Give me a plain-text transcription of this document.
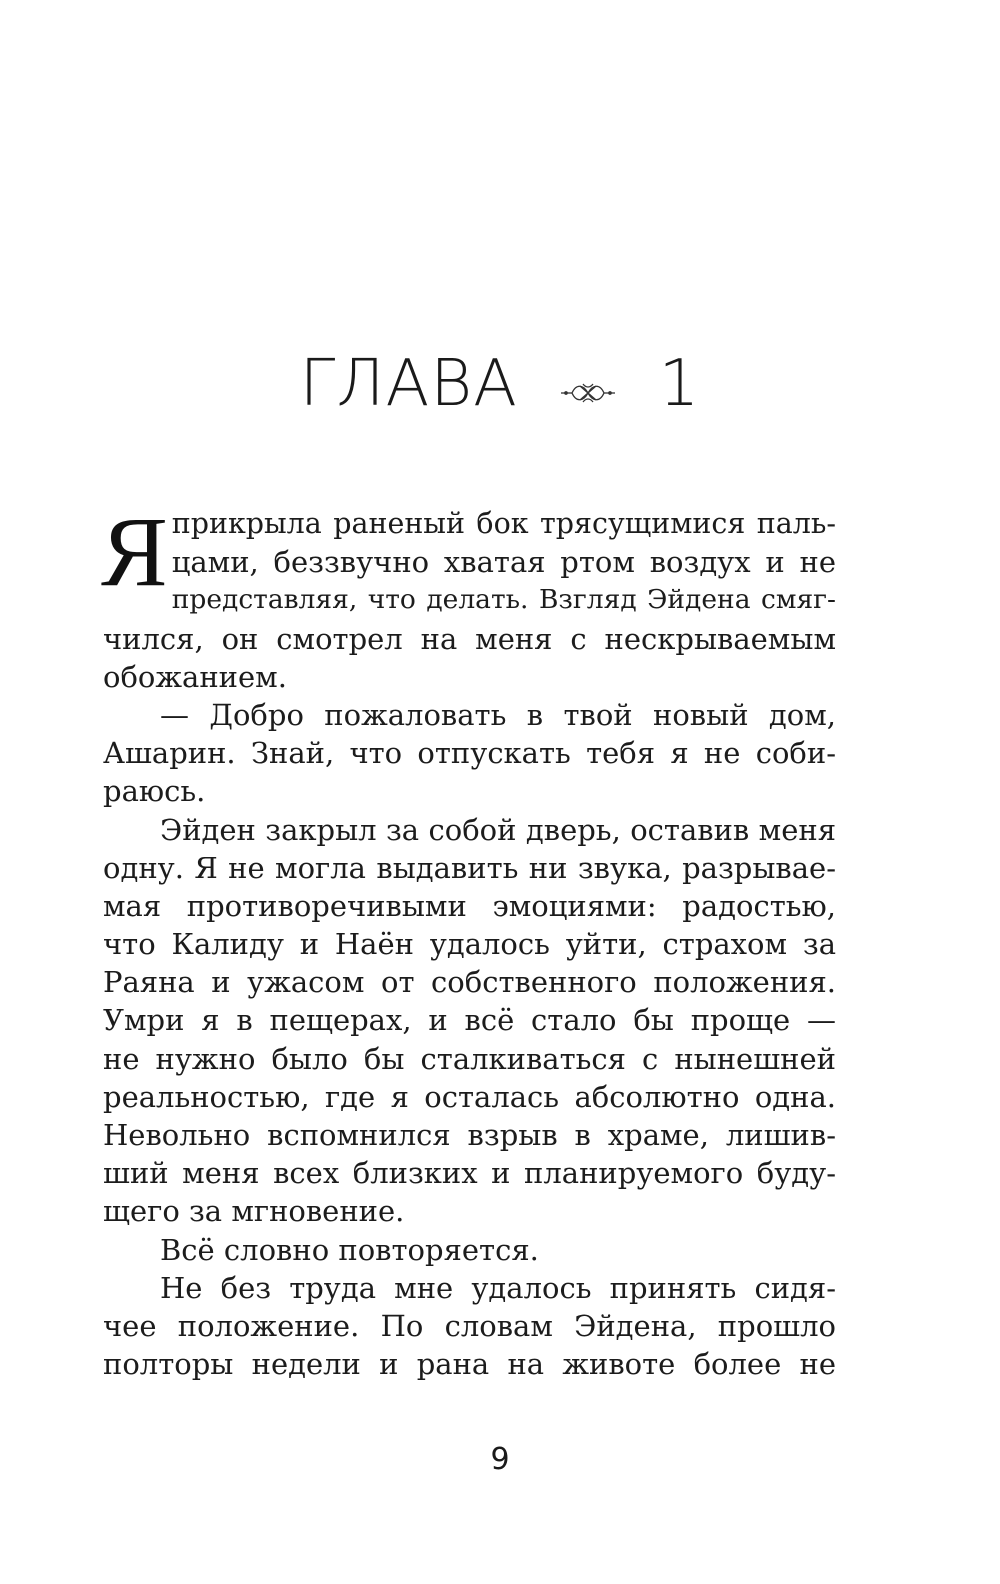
ГЛАВА 1
Я прикрыла раненый бок трясущимися паль-
цами, беззвучно хватая ртом воздух и не
представляя, что делать. Взгляд Эйдена смяг-
чился, он смотрел на меня с нескрываемым
обожанием.
— Добро пожаловать в твой новый дом,
Ашарин. Знай, что отпускать тебя я не соби-
раюсь.
Эйден закрыл за собой дверь, оставив меня
одну. Я не могла выдавить ни звука, разрывае-
мая противоречивыми эмоциями: радостью,
что Калиду и Наён удалось уйти, страхом за
Раяна и ужасом от собственного положения.
Умри я в пещерах, и всё стало бы проще —
не нужно было бы сталкиваться с нынешней
реальностью, где я осталась абсолютно одна.
Невольно вспомнился взрыв в храме, лишив-
ший меня всех близких и планируемого буду-
щего за мгновение.
Всё словно повторяется.
Не без труда мне удалось принять сидя-
чее положение. По словам Эйдена, прошло
полторы недели и рана на животе более не
9
